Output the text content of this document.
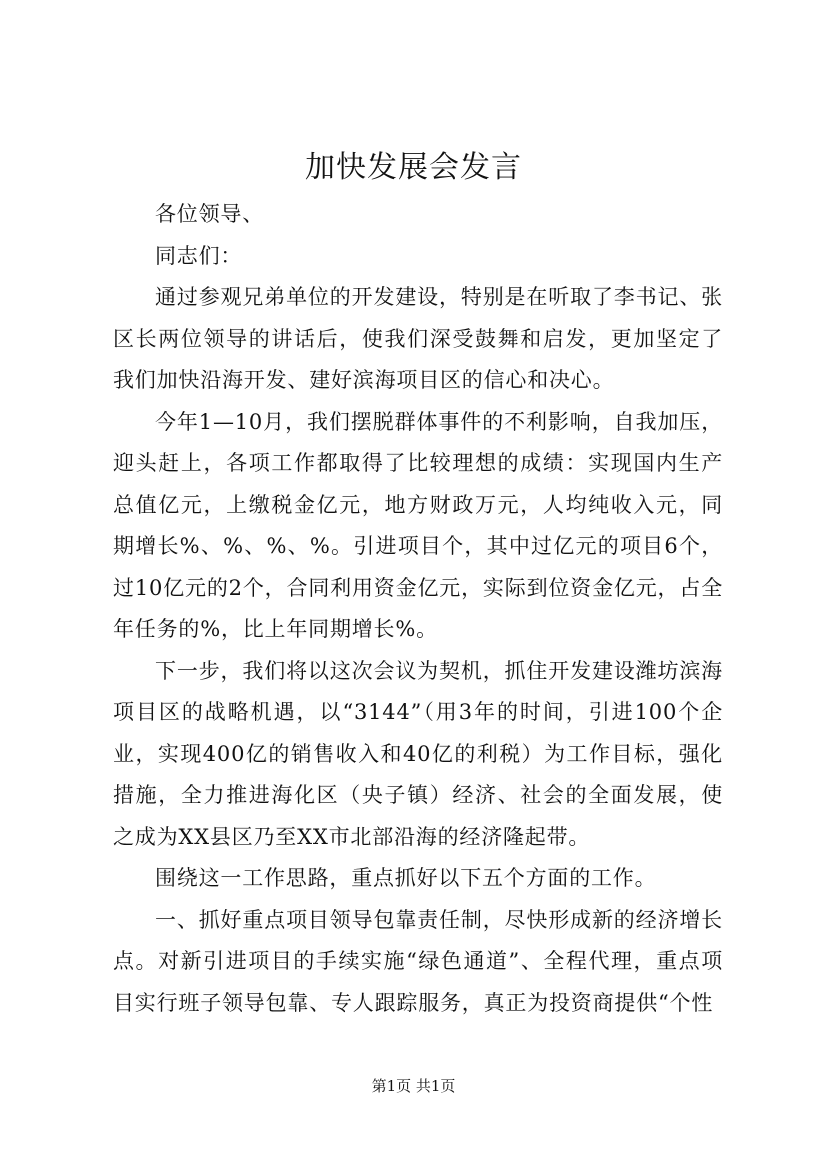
加快发展会发言

各位领导、

同志们：

通过参观兄弟单位的开发建设，特别是在听取了李书记、张区长两位领导的讲话后，使我们深受鼓舞和启发，更加坚定了我们加快沿海开发、建好滨海项目区的信心和决心。

今年1—10月，我们摆脱群体事件的不利影响，自我加压，迎头赶上，各项工作都取得了比较理想的成绩：实现国内生产总值亿元，上缴税金亿元，地方财政万元，人均纯收入元，同期增长%、%、%、%。引进项目个，其中过亿元的项目6个，过10亿元的2个，合同利用资金亿元，实际到位资金亿元，占全年任务的%，比上年同期增长%。

下一步，我们将以这次会议为契机，抓住开发建设潍坊滨海项目区的战略机遇，以“3144”（用3年的时间，引进100个企业，实现400亿的销售收入和40亿的利税）为工作目标，强化措施，全力推进海化区（央子镇）经济、社会的全面发展，使之成为XX县区乃至XX市北部沿海的经济隆起带。

围绕这一工作思路，重点抓好以下五个方面的工作。

一、抓好重点项目领导包靠责任制，尽快形成新的经济增长点。对新引进项目的手续实施“绿色通道”、全程代理，重点项目实行班子领导包靠、专人跟踪服务，真正为投资商提供“个性

第1页 共1页
